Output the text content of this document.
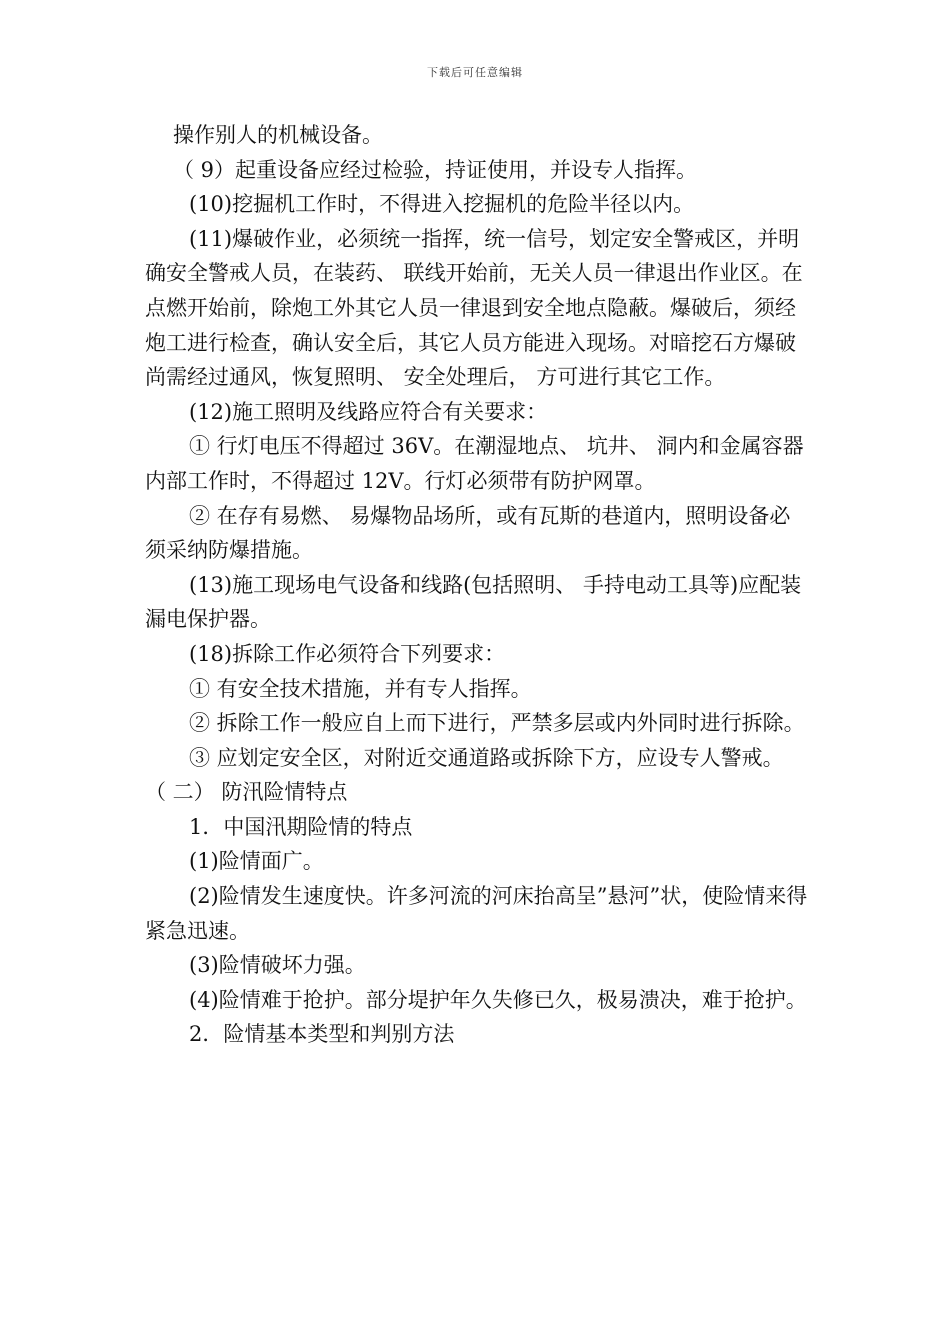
下载后可任意编辑

操作别人的机械设备。

（ 9）起重设备应经过检验，持证使用，并设专人指挥。

(10)挖掘机工作时，不得进入挖掘机的危险半径以内。

(11)爆破作业，必须统一指挥，统一信号，划定安全警戒区，并明确安全警戒人员，在装药、 联线开始前，无关人员一律退出作业区。在点燃开始前，除炮工外其它人员一律退到安全地点隐蔽。爆破后，须经炮工进行检查，确认安全后，其它人员方能进入现场。对暗挖石方爆破尚需经过通风，恢复照明、 安全处理后， 方可进行其它工作。

(12)施工照明及线路应符合有关要求：

① 行灯电压不得超过 36V。在潮湿地点、 坑井、 洞内和金属容器内部工作时，不得超过 12V。行灯必须带有防护网罩。

② 在存有易燃、 易爆物品场所，或有瓦斯的巷道内，照明设备必须采纳防爆措施。

(13)施工现场电气设备和线路(包括照明、 手持电动工具等)应配装漏电保护器。

(18)拆除工作必须符合下列要求：

① 有安全技术措施，并有专人指挥。

② 拆除工作一般应自上而下进行，严禁多层或内外同时进行拆除。

③ 应划定安全区，对附近交通道路或拆除下方，应设专人警戒。

（ 二） 防汛险情特点

1．中国汛期险情的特点

(1)险情面广。

(2)险情发生速度快。许多河流的河床抬高呈”悬河”状，使险情来得紧急迅速。

(3)险情破坏力强。

(4)险情难于抢护。部分堤护年久失修已久，极易溃决，难于抢护。

2．险情基本类型和判别方法
